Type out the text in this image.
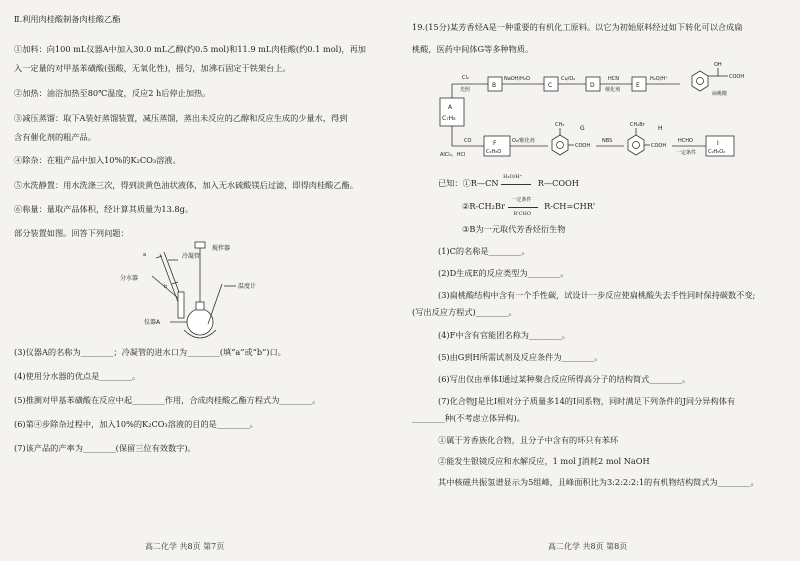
Ⅱ.利用肉桂酸制备肉桂酸乙酯
①加料：向100 mL仪器A中加入30.0 mL乙醇(约0.5 mol)和11.9 mL肉桂酸(约0.1 mol)，再加
入一定量的对甲基苯磺酸(强酸，无氧化性)，摇匀，加沸石固定于铁架台上。
②加热：油浴加热至80℃温度，反应2 h后停止加热。
③减压蒸馏：取下A装好蒸馏装置，减压蒸馏，蒸出未反应的乙醇和反应生成的少量水，得到
含有催化剂的粗产品。
④除杂：在粗产品中加入10%的K₂CO₃溶液。
⑤水洗静置：用水洗涤三次，得到淡黄色油状液体，加入无水硫酸镁后过滤，即得肉桂酸乙酯。
⑥称量：量取产品体积，经计算其质量为13.8g。
部分装置如图。回答下列问题：
a
b
冷凝管
分水器
搅拌器
温度计
仪器A
(3)仪器A的名称为________；冷凝管的进水口为________(填“a”或“b”)口。
(4)使用分水器的优点是________。
(5)推测对甲基苯磺酸在反应中起________作用，合成肉桂酸乙酯方程式为________。
(6)第④步除杂过程中，加入10%的K₂CO₃溶液的目的是________。
(7)该产品的产率为________(保留三位有效数字)。
高二化学 共8页 第7页
19.(15分)某芳香烃A是一种重要的有机化工原料。以它为初始原料经过如下转化可以合成扁
桃酸，医药中间体G等多种物质。
A
C₇H₈
Cl₂
光照
B
NaOH/H₂O
C
Cu/O₂
D
HCN
催化剂
E
H₂O/H⁺
OH
COOH
扁桃酸
CO
AlCl₃、HCl
F
C₈H₈O
O₂/催化剂
CH₃
COOH
G
NBS
CH₂Br
COOH
H
HCHO
一定条件
I
C₉H₈O₂
已知：①R—CN
H₂O/H⁺
R—COOH
②R-CH₂Br
一定条件
R'CHO
R-CH=CHR'
③B为一元取代芳香烃衍生物
(1)C的名称是________。
(2)D生成E的反应类型为________。
(3)扁桃酸结构中含有一个手性碳，试设计一步反应使扁桃酸失去手性同时保持碳数不变;
(写出反应方程式)________。
(4)F中含有官能团名称为________。
(5)由G到H所需试剂及反应条件为________。
(6)写出仅由单体I通过某种聚合反应所得高分子的结构简式________。
(7)化合物J是比I相对分子质量多14的I同系物，同时满足下列条件的J同分异构体有
________种(不考虑立体异构)。
①属于芳香族化合物，且分子中含有的环只有苯环
②能发生银镜反应和水解反应，1 mol J消耗2 mol NaOH
其中核磁共振氢谱显示为5组峰，且峰面积比为3:2:2:2:1的有机物结构简式为________。
高二化学 共8页 第8页
